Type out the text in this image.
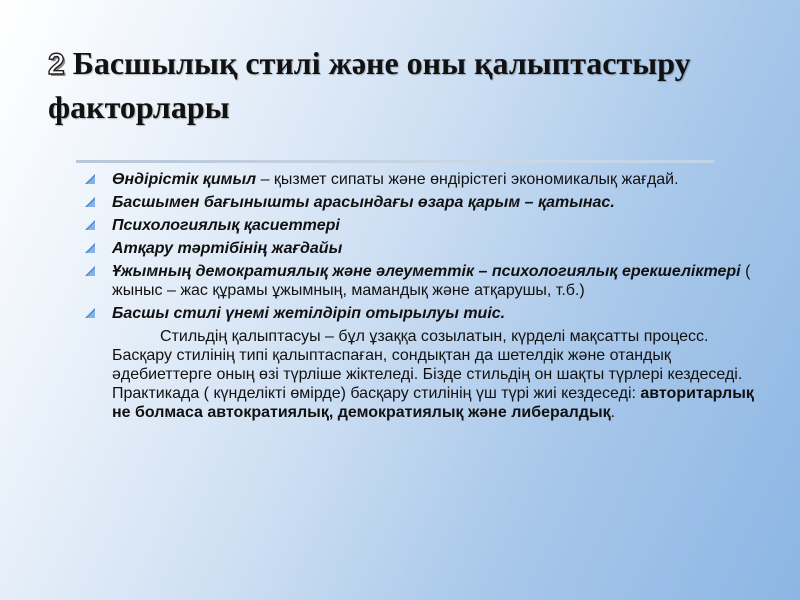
2 Басшылық стилі және оны қалыптастыру факторлары
Өндірістік қимыл – қызмет сипаты және өндірістегі экономикалық жағдай.
Басшымен бағынышты арасындағы өзара қарым – қатынас.
Психологиялық қасиеттері
Атқару тәртібінің жағдайы
Ұжымның демократиялық және әлеуметтік – психологиялық ерекшеліктері ( жыныс – жас құрамы ұжымның, мамандық және атқарушы, т.б.)
Басшы стилі үнемі жетілдіріп отырылуы тиіс.
Стильдің қалыптасуы – бұл ұзаққа созылатын, күрделі мақсатты процесс. Басқару стилінің типі қалыптаспаған, сондықтан да шетелдік және отандық әдебиеттерге оның өзі түрліше жіктеледі. Бізде стильдің он шақты түрлері кездеседі. Практикада ( күнделікті өмірде) басқару стилінің үш түрі жиі кездеседі: авторитарлық не болмаса автократиялық, демократиялық және либералдық.
